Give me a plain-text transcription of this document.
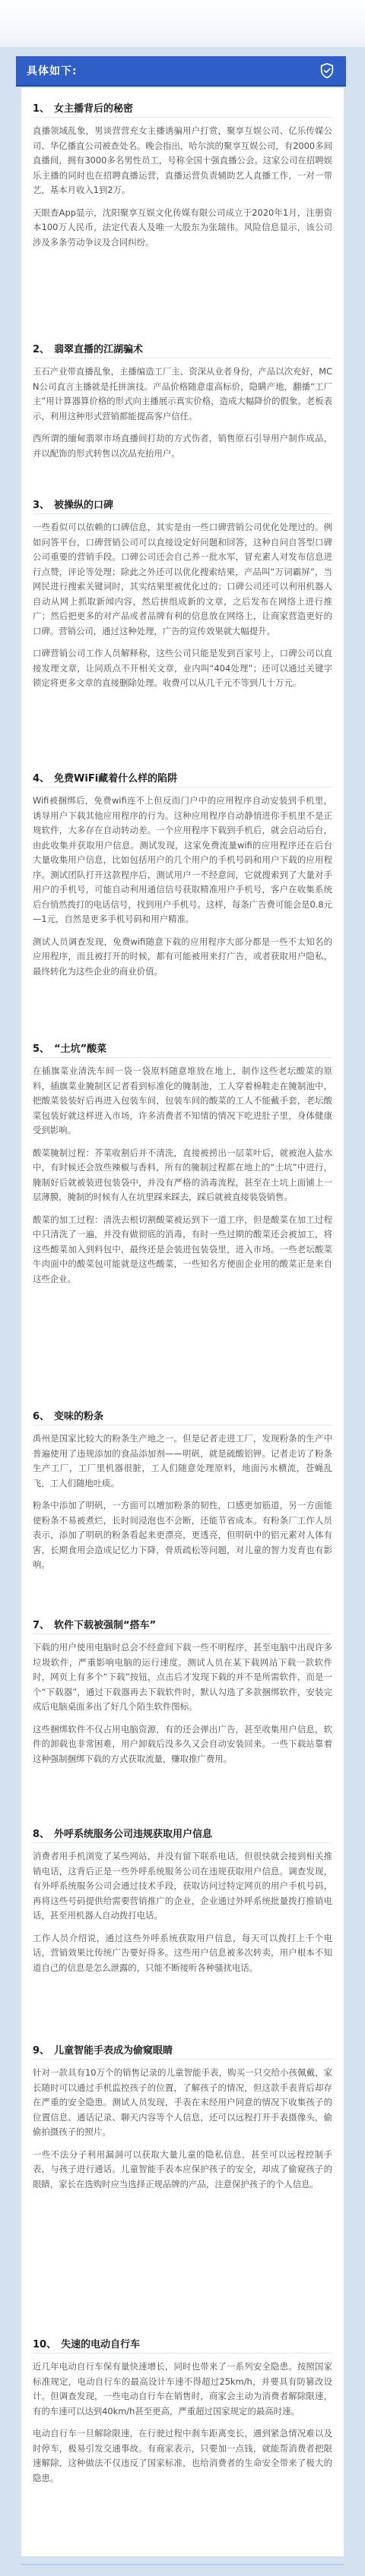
具体如下:
1、 女主播背后的秘密

直播领域乱象，男谈营营充女主播诱骗用户打赏，聚享互娱公司、亿乐传媒公司、华亿播直公司被查处名。晚会指出，哈尔滨的聚享互娱公司，有2000多间直播间，拥有3000多名男性员工，号称全国十强直播公会。这家公司在招聘娱乐主播的同时也在招聘直播运营，直播运营负责辅助艺人直播工作，一对一带艺，基本月收入1到2万。

天眼查App显示，沈阳聚享互娱文化传媒有限公司成立于2020年1月，注册资本100万人民币，法定代表人及唯一大股东为张瑞伟。风险信息显示，该公司涉及多条劳动争议及合同纠纷。

2、 翡翠直播的江湖骗术

玉石产业带直播乱象，主播编造工厂主、资深从业者身份，产品以次充好，MCN公司直言主播就是托拼演技。产品价格随意虚高标价，隐瞒产地，翻播“工厂主”用计算器算价格的形式向主播展示真实价格，造成大幅降价的假象。老板表示，利用这种形式营销都能提高客户信任。

西所谓的缅甸翡翠市场直播间打劫的方式伤者，销售原石引导用户制作成品，并以配饰的形式转售以次品充抬用户。

3、 被操纵的口碑

一些看似可以依赖的口碑信息，其实是由一些口碑营销公司优化处理过的。例如问答平台，口碑营销公司可以直接设定好问题和回答，这种自问自答型口碑公司重要的营销手段。口碑公司还会自己养一批水军，冒充素人对发布信息进行点赞，评论等处理；除此之外还可以优化搜索结果，产品叫“万词霸屏”，当网民进行搜索关键词时，其实结果里被优化过的；口碑公司还可以利用机器人自动从网上抓取新闻内容，然后拼组成新的文章，之后发布在网络上进行推广；然后把更多的对产品或者品牌有利的信息放在网络上，让商家营造更好的口碑。营销公司，通过这种处理，广告的宣传效果就大幅提升。

口碑营销公司工作人员解释称，这些公司只能是发到百家号上，口碑公司以直接发理文章，让同质点不开相关文章，业内叫“404处理”；还可以通过关键字锁定将更多文章的直接删除处理。收费可以从几千元不等到几十万元。

4、 免费WiFi藏着什么样的陷阱

Wifi被捆绑后，免费wifi连不上但反而门户中的应用程序自动安装到手机里，诱导用户下载其他应用程序的行为。这种应用程序自动静悄进你手机里不是正规软件，大多存在自动转动差。一个应用程序下载到手机后，就会启动后台，由此收集并获取用户信息。测试发现，这家免费流量wifi的应用程序还在后台大量收集用户信息，比如包括用户的几个用户的手机号码和用户下载的应用程序。测试团队打开这款程序后，测试用户一不经意间，它就搜索到了大量对手用户的手机号，可能自动利用通信信号获取精准用户手机号，客户在收集系统后台悄然拨打的电话信号，找到用户手机号。这样，每条广告费可能会是0.8元—1元，自然是更多手机号码和用户精准。

测试人员调查发现，免费wifi随意下载的应用程序大部分都是一些不太知名的应用程序，而且被打开的时候，都有可能被用来打广告，或者获取用户隐私，最终转化为这些企业的商业价值。

5、 “土坑”酸菜

在插旗菜业清洗车间一袋一袋原料随意堆放在地上，制作这些老坛酸菜的原料，插旗菜业腌制区记者看到标准化的腌制池，工人穿着棉鞋走在腌制池中，把酸菜装装好后再进入包装车间，包装车间的酸菜的工人不能戴手套，老坛酸菜包装好就这样进入市场，许多消费者不知情的情况下吃进肚子里，身体健康受到影响。

酸菜腌制过程：芥菜收割后并不清洗，直接被捞出一层菜叶后，就被泡入盐水中，有时候还会放些辣椒与香料，所有的腌制过程都在地上的“土坑”中进行，腌制好后就被装进包装袋中，并没有严格的消毒流程，甚至在土坑上面铺上一层薄膜，腌制的时候有人在坑里踩来踩去，踩后就被直接装袋销售。

酸菜的加工过程：清洗去根切割酸菜被运到下一道工序，但是酸菜在加工过程中只清洗了一遍，并没有做彻底的消毒，有时一些过期的酸菜还会被加工，将这些酸菜加入到料包中，最终还是会装进包装袋里，进入市场。一些老坛酸菜牛肉面中的酸菜包可能就是这些酸菜，一些知名方便面企业用的酸菜正是来自这些企业。

6、 变味的粉条

禹州是国家比较大的粉条生产地之一。但是记者走进工厂，发现粉条的生产中普遍使用了违规添加的食品添加剂——明矾，就是硫酸铝钾。记者走访了粉条生产工厂，工厂里机器很脏，工人们随意处理原料，地面污水横流，苍蝇乱飞，工人们随地吐痰。

粉条中添加了明矾，一方面可以增加粉条的韧性，口感更加筋道，另一方面能使粉条不易被煮烂，长时间浸泡也不会断，还能节省成本。有粉条厂工作人员表示，添加了明矾的粉条看起来更漂亮，更透亮，但明矾中的铝元素对人体有害，长期食用会造成记忆力下降，骨质疏松等问题，对儿童的智力发育也有影响。

7、 软件下载被强制“搭车”

下载的用户使用电脑时总会不经意间下载一些不明程序，甚至电脑中出现许多垃圾软件，严重影响电脑的运行速度。测试人员在某下载网站下载一款软件时，网页上有多个“下载”按钮，点击后才发现下载的并不是所需软件，而是一个“下载器”，通过下载器再去下载软件时，默认勾选了多款捆绑软件，安装完成后电脑桌面多出了好几个陌生软件图标。

这些捆绑软件不仅占用电脑资源，有的还会弹出广告，甚至收集用户信息，软件的卸载也非常困难，用户卸载后没多久又会自动安装回来。一些下载站靠着这种强制捆绑下载的方式获取流量，赚取推广费用。

8、 外呼系统服务公司违规获取用户信息

消费者用手机浏览了某些网站，并没有留下联系电话，但很快就会接到相关推销电话，这背后正是一些外呼系统服务公司在违规获取用户信息。调查发现，有外呼系统服务公司会通过技术手段，获取访问过特定网页的用户手机号码，再将这些号码提供给需要营销推广的企业，企业通过外呼系统批量拨打推销电话，甚至用机器人自动拨打电话。

工作人员介绍说，通过这些外呼系统获取用户信息，每天可以拨打上千个电话，营销效果比传统广告要好得多。这些用户信息被多次转卖，用户根本不知道自己的信息是怎么泄露的，只能不断接听各种骚扰电话。

9、 儿童智能手表成为偷窥眼睛

针对一款具有10万个的销售记录的儿童智能手表，购买一只交给小孩佩戴，家长随时可以通过手机监控孩子的位置，了解孩子的情况，但这款手表背后却存在严重的安全隐患。测试人员发现，手表在未经用户同意的情况下收集孩子的位置信息、通话记录、聊天内容等个人信息，还可以远程打开手表摄像头，偷偷拍摄孩子的照片。

一些不法分子利用漏洞可以获取大量儿童的隐私信息，甚至可以远程控制手表，与孩子进行通话。儿童智能手表本应保护孩子的安全，却成了偷窥孩子的眼睛，家长在选购时应当选择正规品牌的产品，注意保护孩子的个人信息。

10、 失速的电动自行车

近几年电动自行车保有量快速增长，同时也带来了一系列安全隐患。按照国家标准规定，电动自行车的最高设计车速不得超过25km/h，并要具有防篡改设计。但调查发现，一些电动自行车在销售时，商家会主动为消费者解除限速，有的车速可以达到40km/h甚至更高，严重超过国家规定的最高时速。

电动自行车一旦解除限速，在行驶过程中刹车距离变长，遇到紧急情况难以及时停车，极易引发交通事故。有商家表示，只要加一点钱，就能帮消费者把限速解除，这种做法不仅违反了国家标准，也给消费者的生命安全带来了极大的隐患。
